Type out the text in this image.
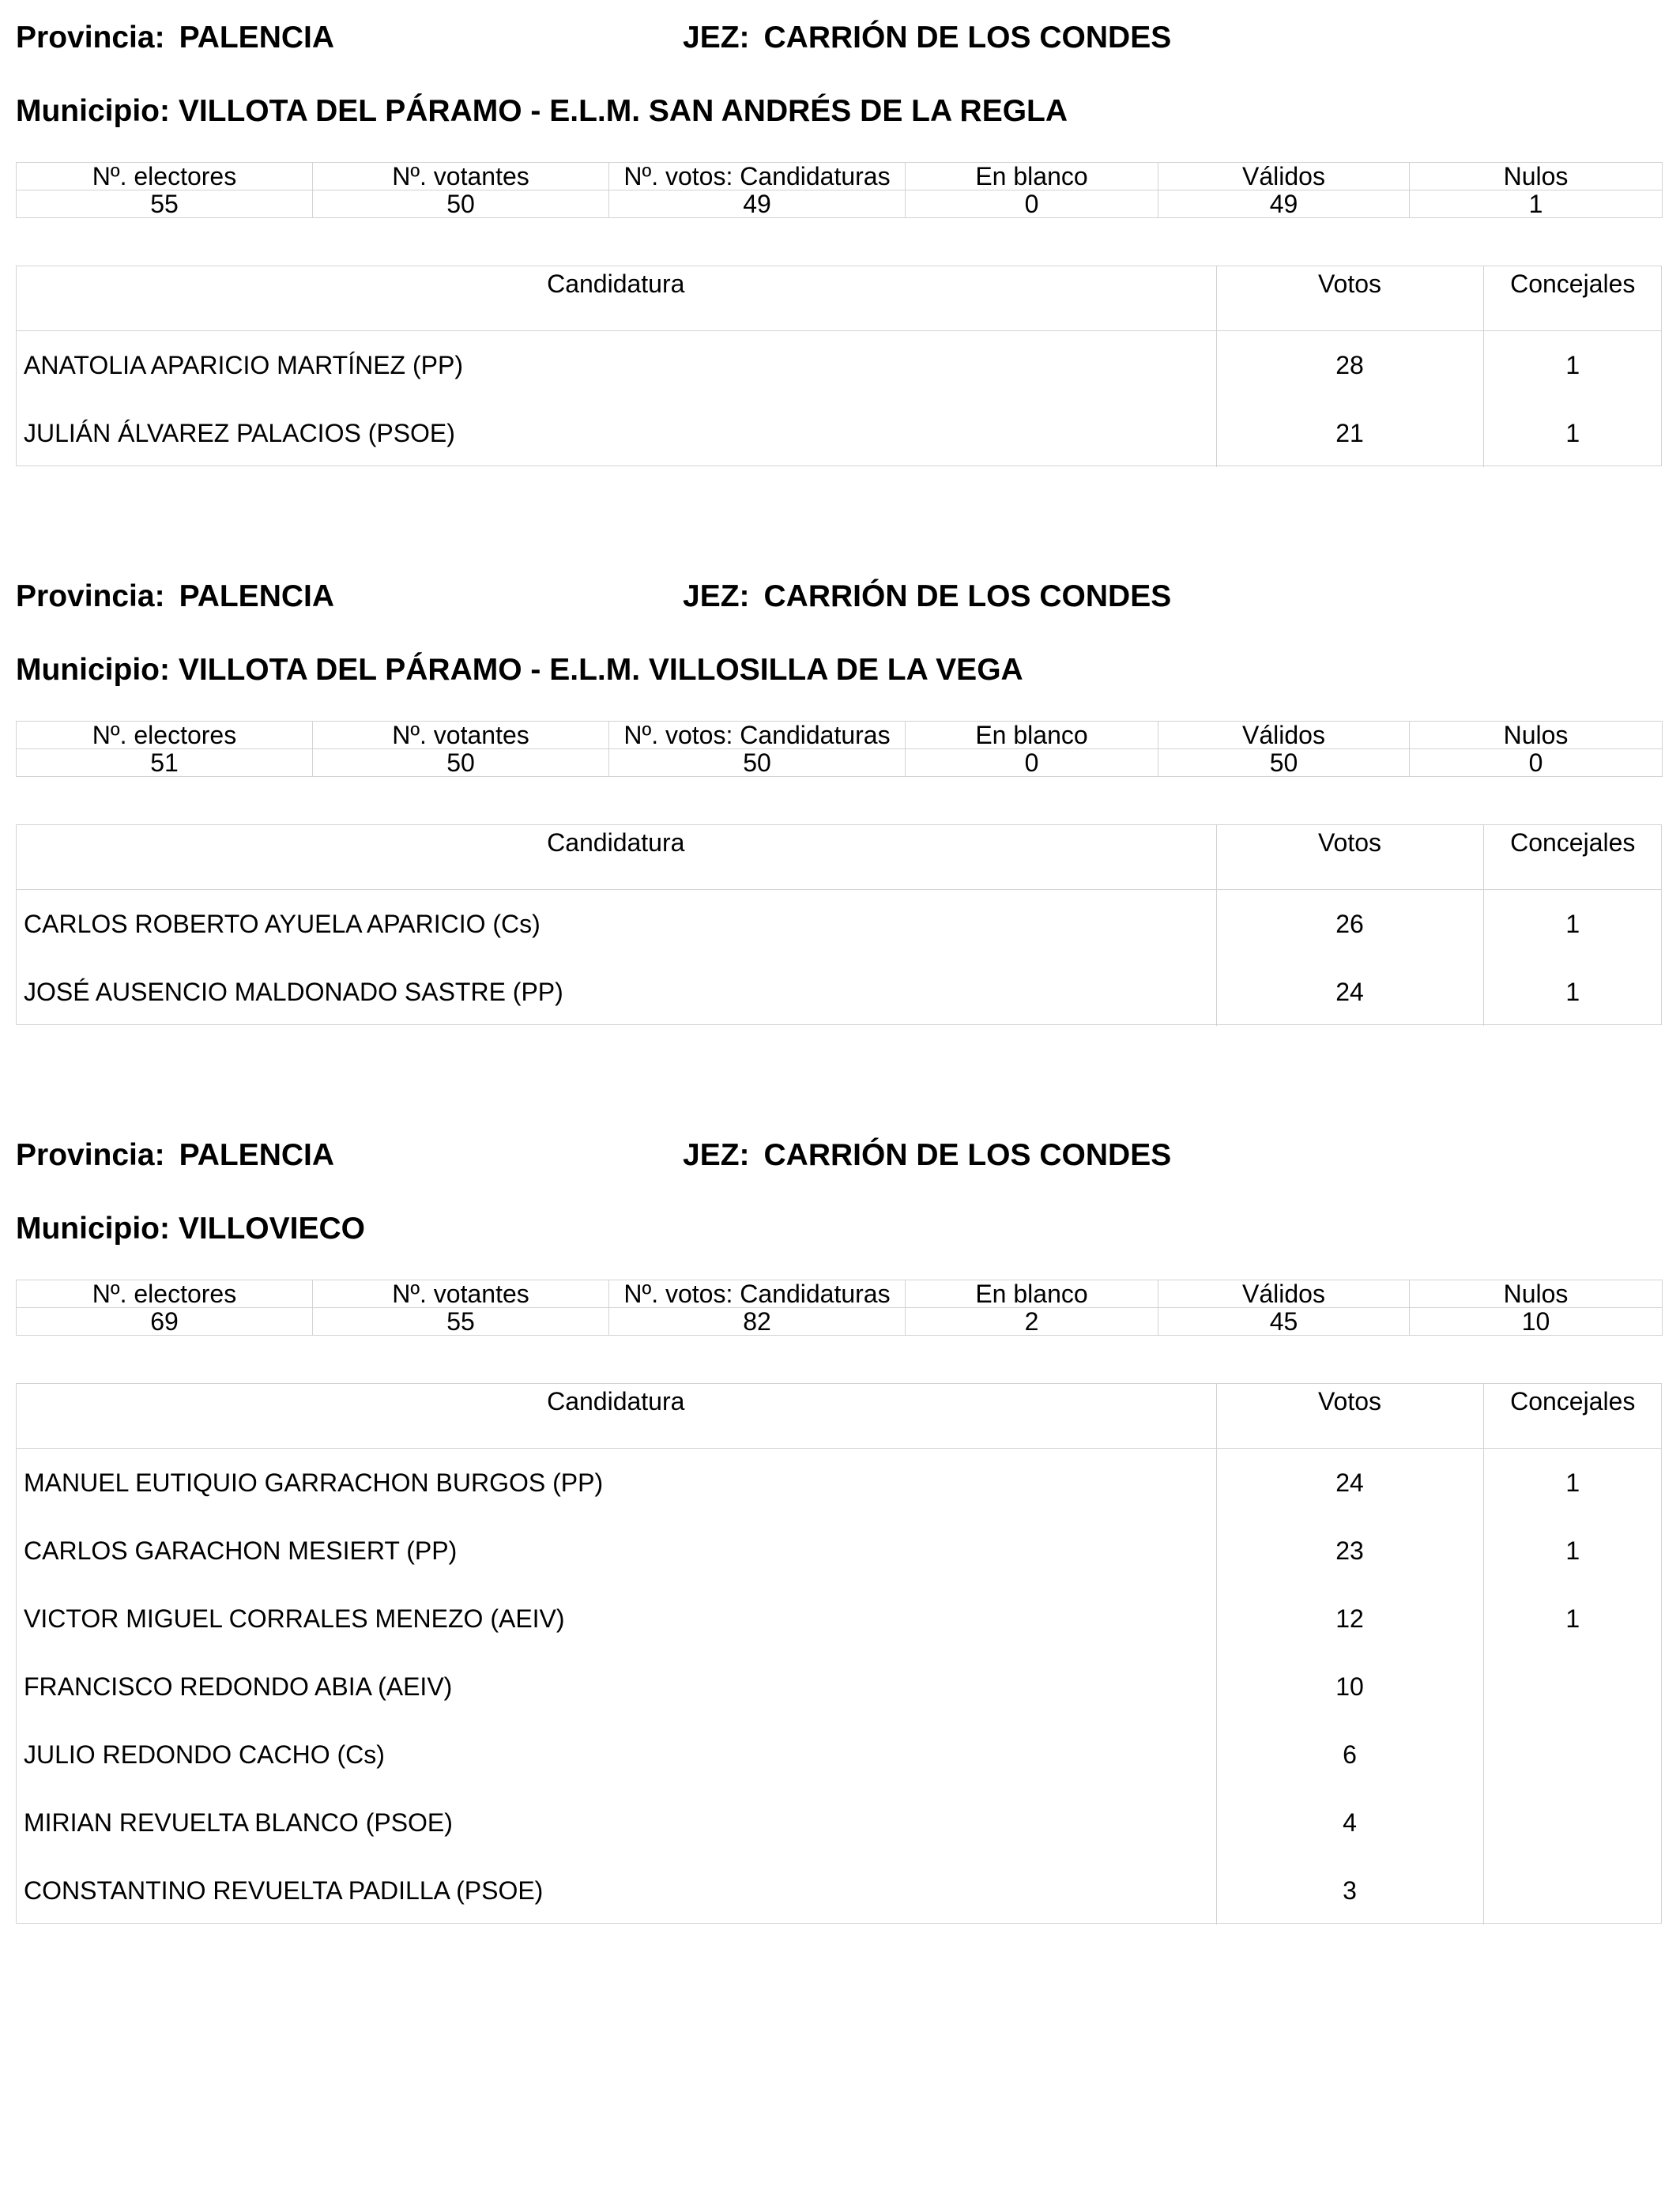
Provincia: PALENCIA	JEZ: CARRIÓN DE LOS CONDES
Municipio: VILLOTA DEL PÁRAMO - E.L.M. SAN ANDRÉS DE LA REGLA
Nº. electores	Nº. votantes	Nº. votos: Candidaturas	En blanco	Válidos	Nulos
55	50	49	0	49	1
Candidatura	Votos	Concejales
ANATOLIA APARICIO MARTÍNEZ (PP)	28	1
JULIÁN ÁLVAREZ PALACIOS (PSOE)	21	1
Provincia: PALENCIA	JEZ: CARRIÓN DE LOS CONDES
Municipio: VILLOTA DEL PÁRAMO - E.L.M. VILLOSILLA DE LA VEGA
Nº. electores	Nº. votantes	Nº. votos: Candidaturas	En blanco	Válidos	Nulos
51	50	50	0	50	0
Candidatura	Votos	Concejales
CARLOS ROBERTO AYUELA APARICIO (Cs)	26	1
JOSÉ AUSENCIO MALDONADO SASTRE (PP)	24	1
Provincia: PALENCIA	JEZ: CARRIÓN DE LOS CONDES
Municipio: VILLOVIECO
Nº. electores	Nº. votantes	Nº. votos: Candidaturas	En blanco	Válidos	Nulos
69	55	82	2	45	10
Candidatura	Votos	Concejales
MANUEL EUTIQUIO GARRACHON BURGOS (PP)	24	1
CARLOS GARACHON MESIERT (PP)	23	1
VICTOR MIGUEL CORRALES MENEZO (AEIV)	12	1
FRANCISCO REDONDO ABIA (AEIV)	10	
JULIO REDONDO CACHO (Cs)	6	
MIRIAN REVUELTA BLANCO (PSOE)	4	
CONSTANTINO REVUELTA PADILLA (PSOE)	3	
